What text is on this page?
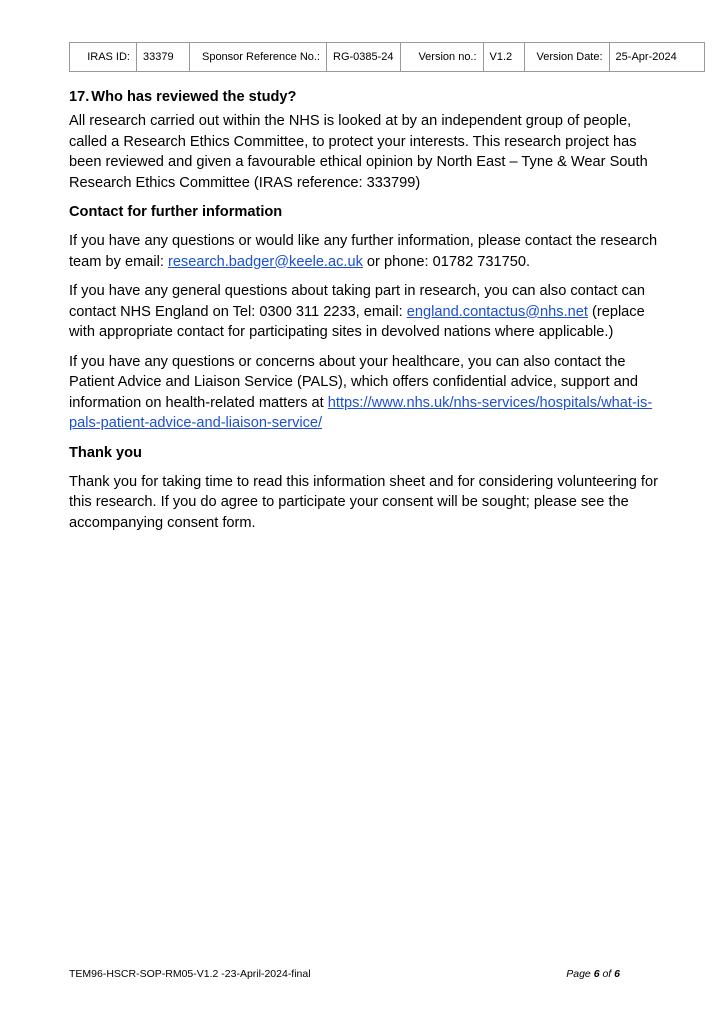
IRAS ID:	33379	Sponsor Reference No.:	RG-0385-24	Version no.:	V1.2	Version Date:	25-Apr-2024
17. Who has reviewed the study?

All research carried out within the NHS is looked at by an independent group of people, called a Research Ethics Committee, to protect your interests. This research project has been reviewed and given a favourable ethical opinion by North East – Tyne & Wear South Research Ethics Committee (IRAS reference: 333799)

Contact for further information

If you have any questions or would like any further information, please contact the research team by email: research.badger@keele.ac.uk or phone: 01782 731750.

If you have any general questions about taking part in research, you can also contact can contact NHS England on Tel: 0300 311 2233, email: england.contactus@nhs.net (replace with appropriate contact for participating sites in devolved nations where applicable.)

If you have any questions or concerns about your healthcare, you can also contact the Patient Advice and Liaison Service (PALS), which offers confidential advice, support and information on health-related matters at https://www.nhs.uk/nhs-services/hospitals/what-is-pals-patient-advice-and-liaison-service/

Thank you

Thank you for taking time to read this information sheet and for considering volunteering for this research. If you do agree to participate your consent will be sought; please see the accompanying consent form.

TEM96-HSCR-SOP-RM05-V1.2 -23-April-2024-final	Page 6 of 6
